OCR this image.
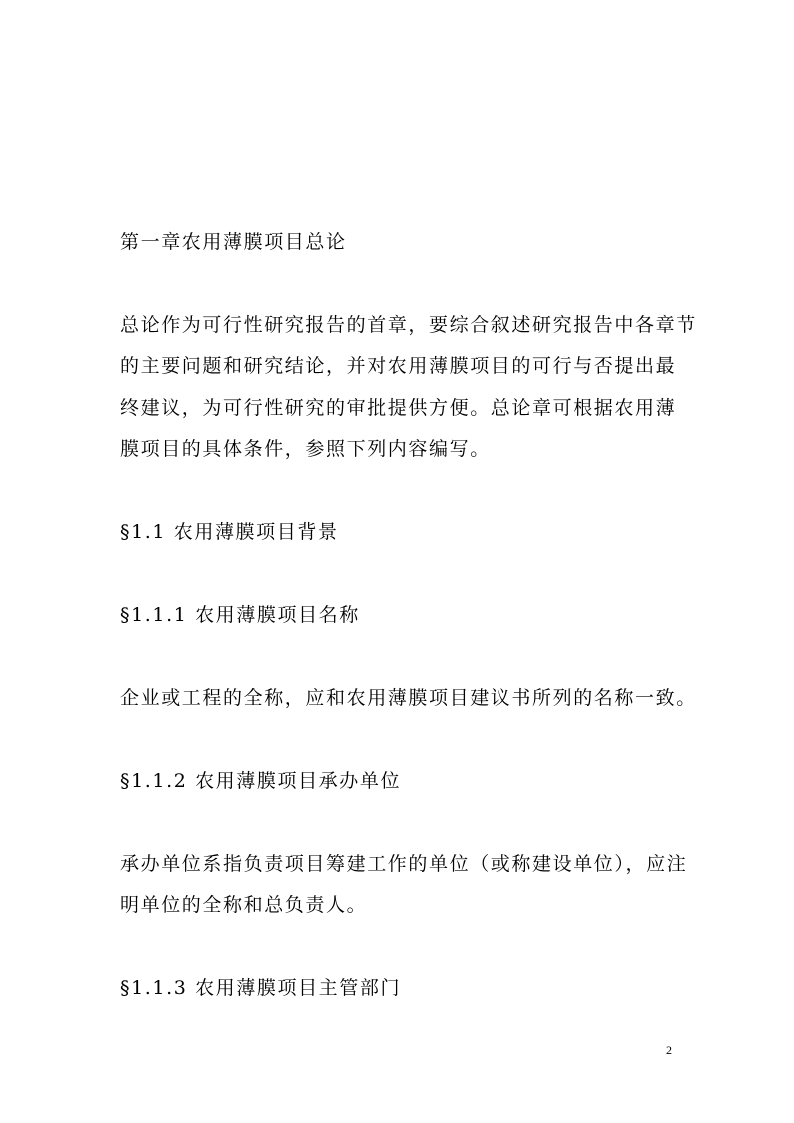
第一章农用薄膜项目总论
总论作为可行性研究报告的首章，要综合叙述研究报告中各章节
的主要问题和研究结论，并对农用薄膜项目的可行与否提出最
终建议，为可行性研究的审批提供方便。总论章可根据农用薄
膜项目的具体条件，参照下列内容编写。
§1.1 农用薄膜项目背景
§1.1.1 农用薄膜项目名称
企业或工程的全称，应和农用薄膜项目建议书所列的名称一致。
§1.1.2 农用薄膜项目承办单位
承办单位系指负责项目筹建工作的单位（或称建设单位），应注
明单位的全称和总负责人。
§1.1.3 农用薄膜项目主管部门
2
